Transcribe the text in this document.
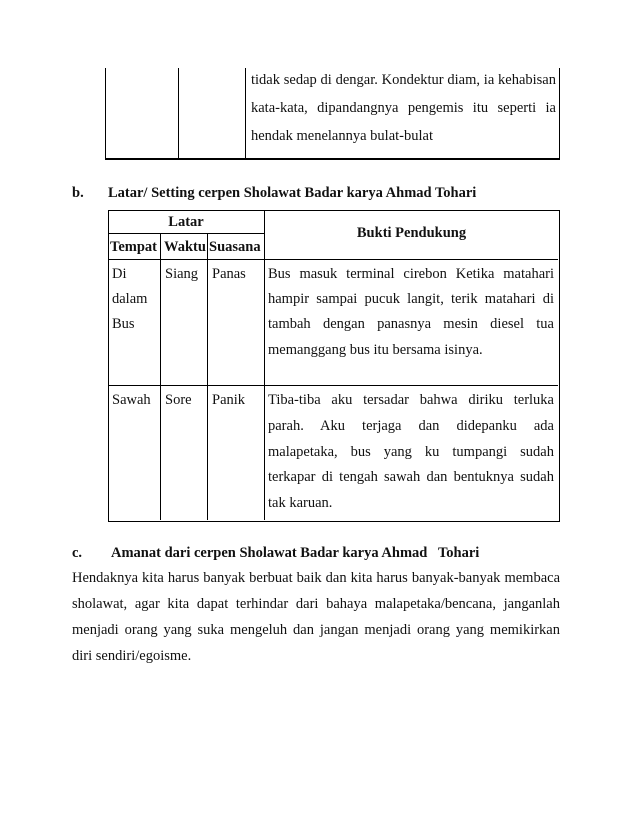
tidak sedap di dengar. Kondektur diam, ia kehabisan
kata-kata, dipandangnya pengemis itu seperti ia
hendak menelannya bulat-bulat
b. Latar/ Setting cerpen Sholawat Badar karya Ahmad Tohari
Latar
Bukti Pendukung
Tempat Waktu Suasana
Di
dalam
Bus
Siang Panas Bus masuk terminal cirebon Ketika matahari
hampir sampai pucuk langit, terik matahari di
tambah dengan panasnya mesin diesel tua
memanggang bus itu bersama isinya.
Sawah Sore Panik Tiba-tiba aku tersadar bahwa diriku terluka
parah. Aku terjaga dan didepanku ada
malapetaka, bus yang ku tumpangi sudah
terkapar di tengah sawah dan bentuknya sudah
tak karuan.
c. Amanat dari cerpen Sholawat Badar karya Ahmad   Tohari
Hendaknya kita harus banyak berbuat baik dan kita harus banyak-banyak membaca
sholawat, agar kita dapat terhindar dari bahaya malapetaka/bencana, janganlah
menjadi orang yang suka mengeluh dan jangan menjadi orang yang memikirkan
diri sendiri/egoisme.
